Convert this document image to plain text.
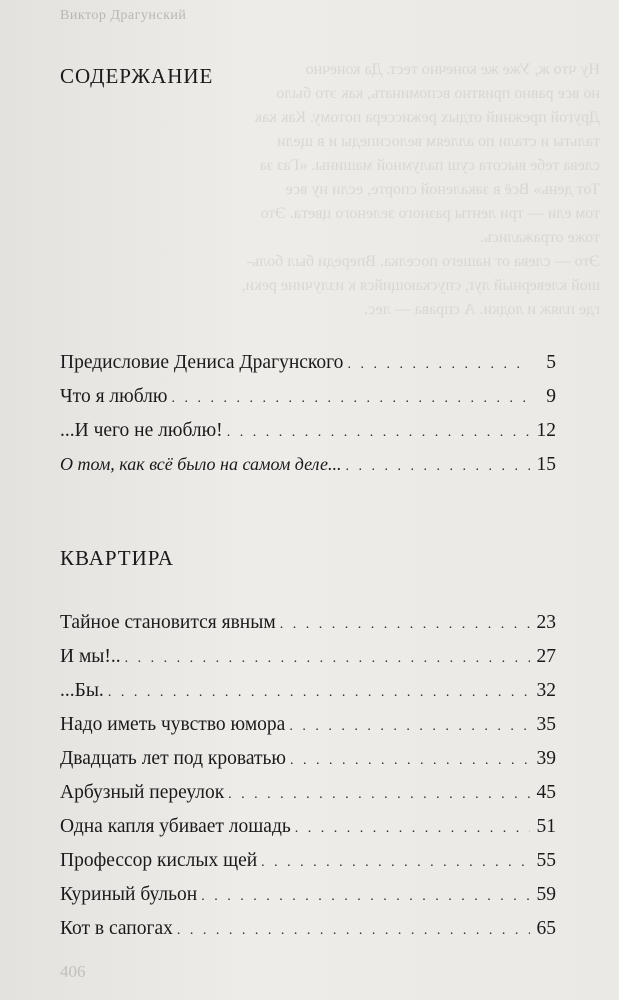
Виктор Драгунский
Ну что ж, Уже же конечно тест. Да конечно
но все равно приятно вспоминать, как это было
Другой прежний отдых режиссера потому. Как как
тальты и стали по аллеям велосипеды и в щели
слева тебе высота суш палумной машины. «Газ за
Тот день» Всё в закаленой спорте, если ну все
том ели — три ленты разного зеленого цвета. Это
тоже отражались.
Это — слева от нашего поселка. Впереди был боль-
шой клеверный луг, спускающийся к излучине реки,
где пляж и лодки. А справа — лес.
СОДЕРЖАНИЕ
Предисловие Дениса Драгунского . . .	5
Что я люблю . . .	9
...И чего не люблю! . . .	12
О том, как всё было на самом деле... . . .	15
КВАРТИРА
Тайное становится явным . . .	23
И мы!.. . . .	27
...Бы. . . .	32
Надо иметь чувство юмора . . .	35
Двадцать лет под кроватью . . .	39
Арбузный переулок . . .	45
Одна капля убивает лошадь . . .	51
Профессор кислых щей . . .	55
Куриный бульон . . .	59
Кот в сапогах . . .	65
406
